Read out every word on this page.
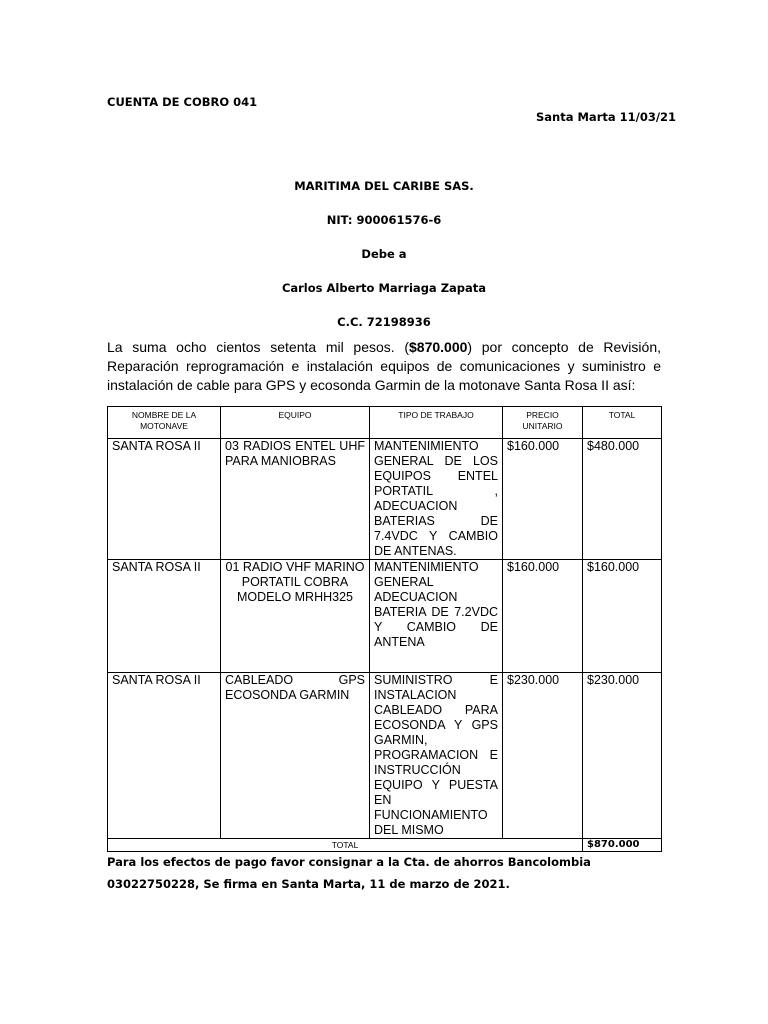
CUENTA DE COBRO 041
Santa Marta 11/03/21
MARITIMA DEL CARIBE SAS.
NIT: 900061576-6
Debe a
Carlos Alberto Marriaga Zapata
C.C. 72198936
La suma ocho cientos setenta mil pesos. ($870.000) por concepto de Revisión, Reparación reprogramación e instalación equipos de comunicaciones y suministro e instalación de cable para GPS y ecosonda Garmin de la motonave Santa Rosa II así:
NOMBRE DE LA MOTONAVE	EQUIPO	TIPO DE TRABAJO	PRECIO UNITARIO	TOTAL
SANTA ROSA II	03 RADIOS ENTEL UHF PARA MANIOBRAS	MANTENIMIENTO GENERAL DE LOS EQUIPOS ENTEL PORTATIL , ADECUACION BATERIAS DE 7.4VDC Y CAMBIO DE ANTENAS.	$160.000	$480.000
SANTA ROSA II	01 RADIO VHF MARINO PORTATIL COBRA MODELO MRHH325	MANTENIMIENTO GENERAL ADECUACION BATERIA DE 7.2VDC Y CAMBIO DE ANTENA	$160.000	$160.000
SANTA ROSA II	CABLEADO GPS ECOSONDA GARMIN	SUMINISTRO E INSTALACION CABLEADO PARA ECOSONDA Y GPS GARMIN, PROGRAMACION E INSTRUCCIÓN EQUIPO Y PUESTA EN FUNCIONAMIENTO DEL MISMO	$230.000	$230.000
TOTAL				$870.000
Para los efectos de pago favor consignar a la Cta. de ahorros Bancolombia 03022750228, Se firma en Santa Marta, 11 de marzo de 2021.
